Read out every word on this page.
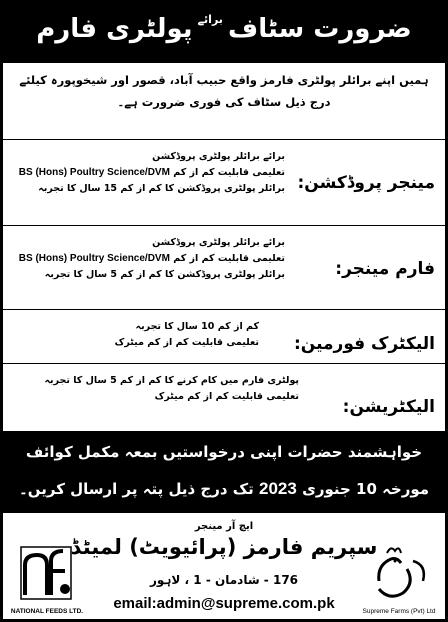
ضرورت سٹاف $^{برائے}$ پولٹری فارم
ہمیں اپنے برائلر پولٹری فارمز واقع حبیب آباد، قصور اور شیخوپورہ کیلئے
درج ذیل سٹاف کی فوری ضرورت ہے۔
مینجر پروڈکشن:
برائے برائلر پولٹری پروڈکشن
تعلیمی قابلیت کم از کم BS (Hons) Poultry Science/DVM
برائلر پولٹری پروڈکشن کا کم از کم 15 سال کا تجربہ
فارم مینجر:
برائے برائلر پولٹری پروڈکشن
تعلیمی قابلیت کم از کم BS (Hons) Poultry Science/DVM
برائلر پولٹری پروڈکشن کا کم از کم 5 سال کا تجربہ
الیکٹرک فورمین:
کم از کم 10 سال کا تجربہ
تعلیمی قابلیت کم از کم میٹرک
الیکٹریشن:
پولٹری فارم میں کام کرنے کا کم از کم 5 سال کا تجربہ
تعلیمی قابلیت کم از کم میٹرک
خواہشمند حضرات اپنی درخواستیں بمعہ مکمل کوائف
مورخہ 10 جنوری 2023 تک درج ذیل پتہ پر ارسال کریں۔
ایچ آر مینجر
سپریم فارمز (پرائیویٹ) لمیٹڈ
176 - شادمان - 1 ، لاہور
email:admin@supreme.com.pk
NATIONAL FEEDS LTD.	Supreme Farms (Pvt) Ltd
